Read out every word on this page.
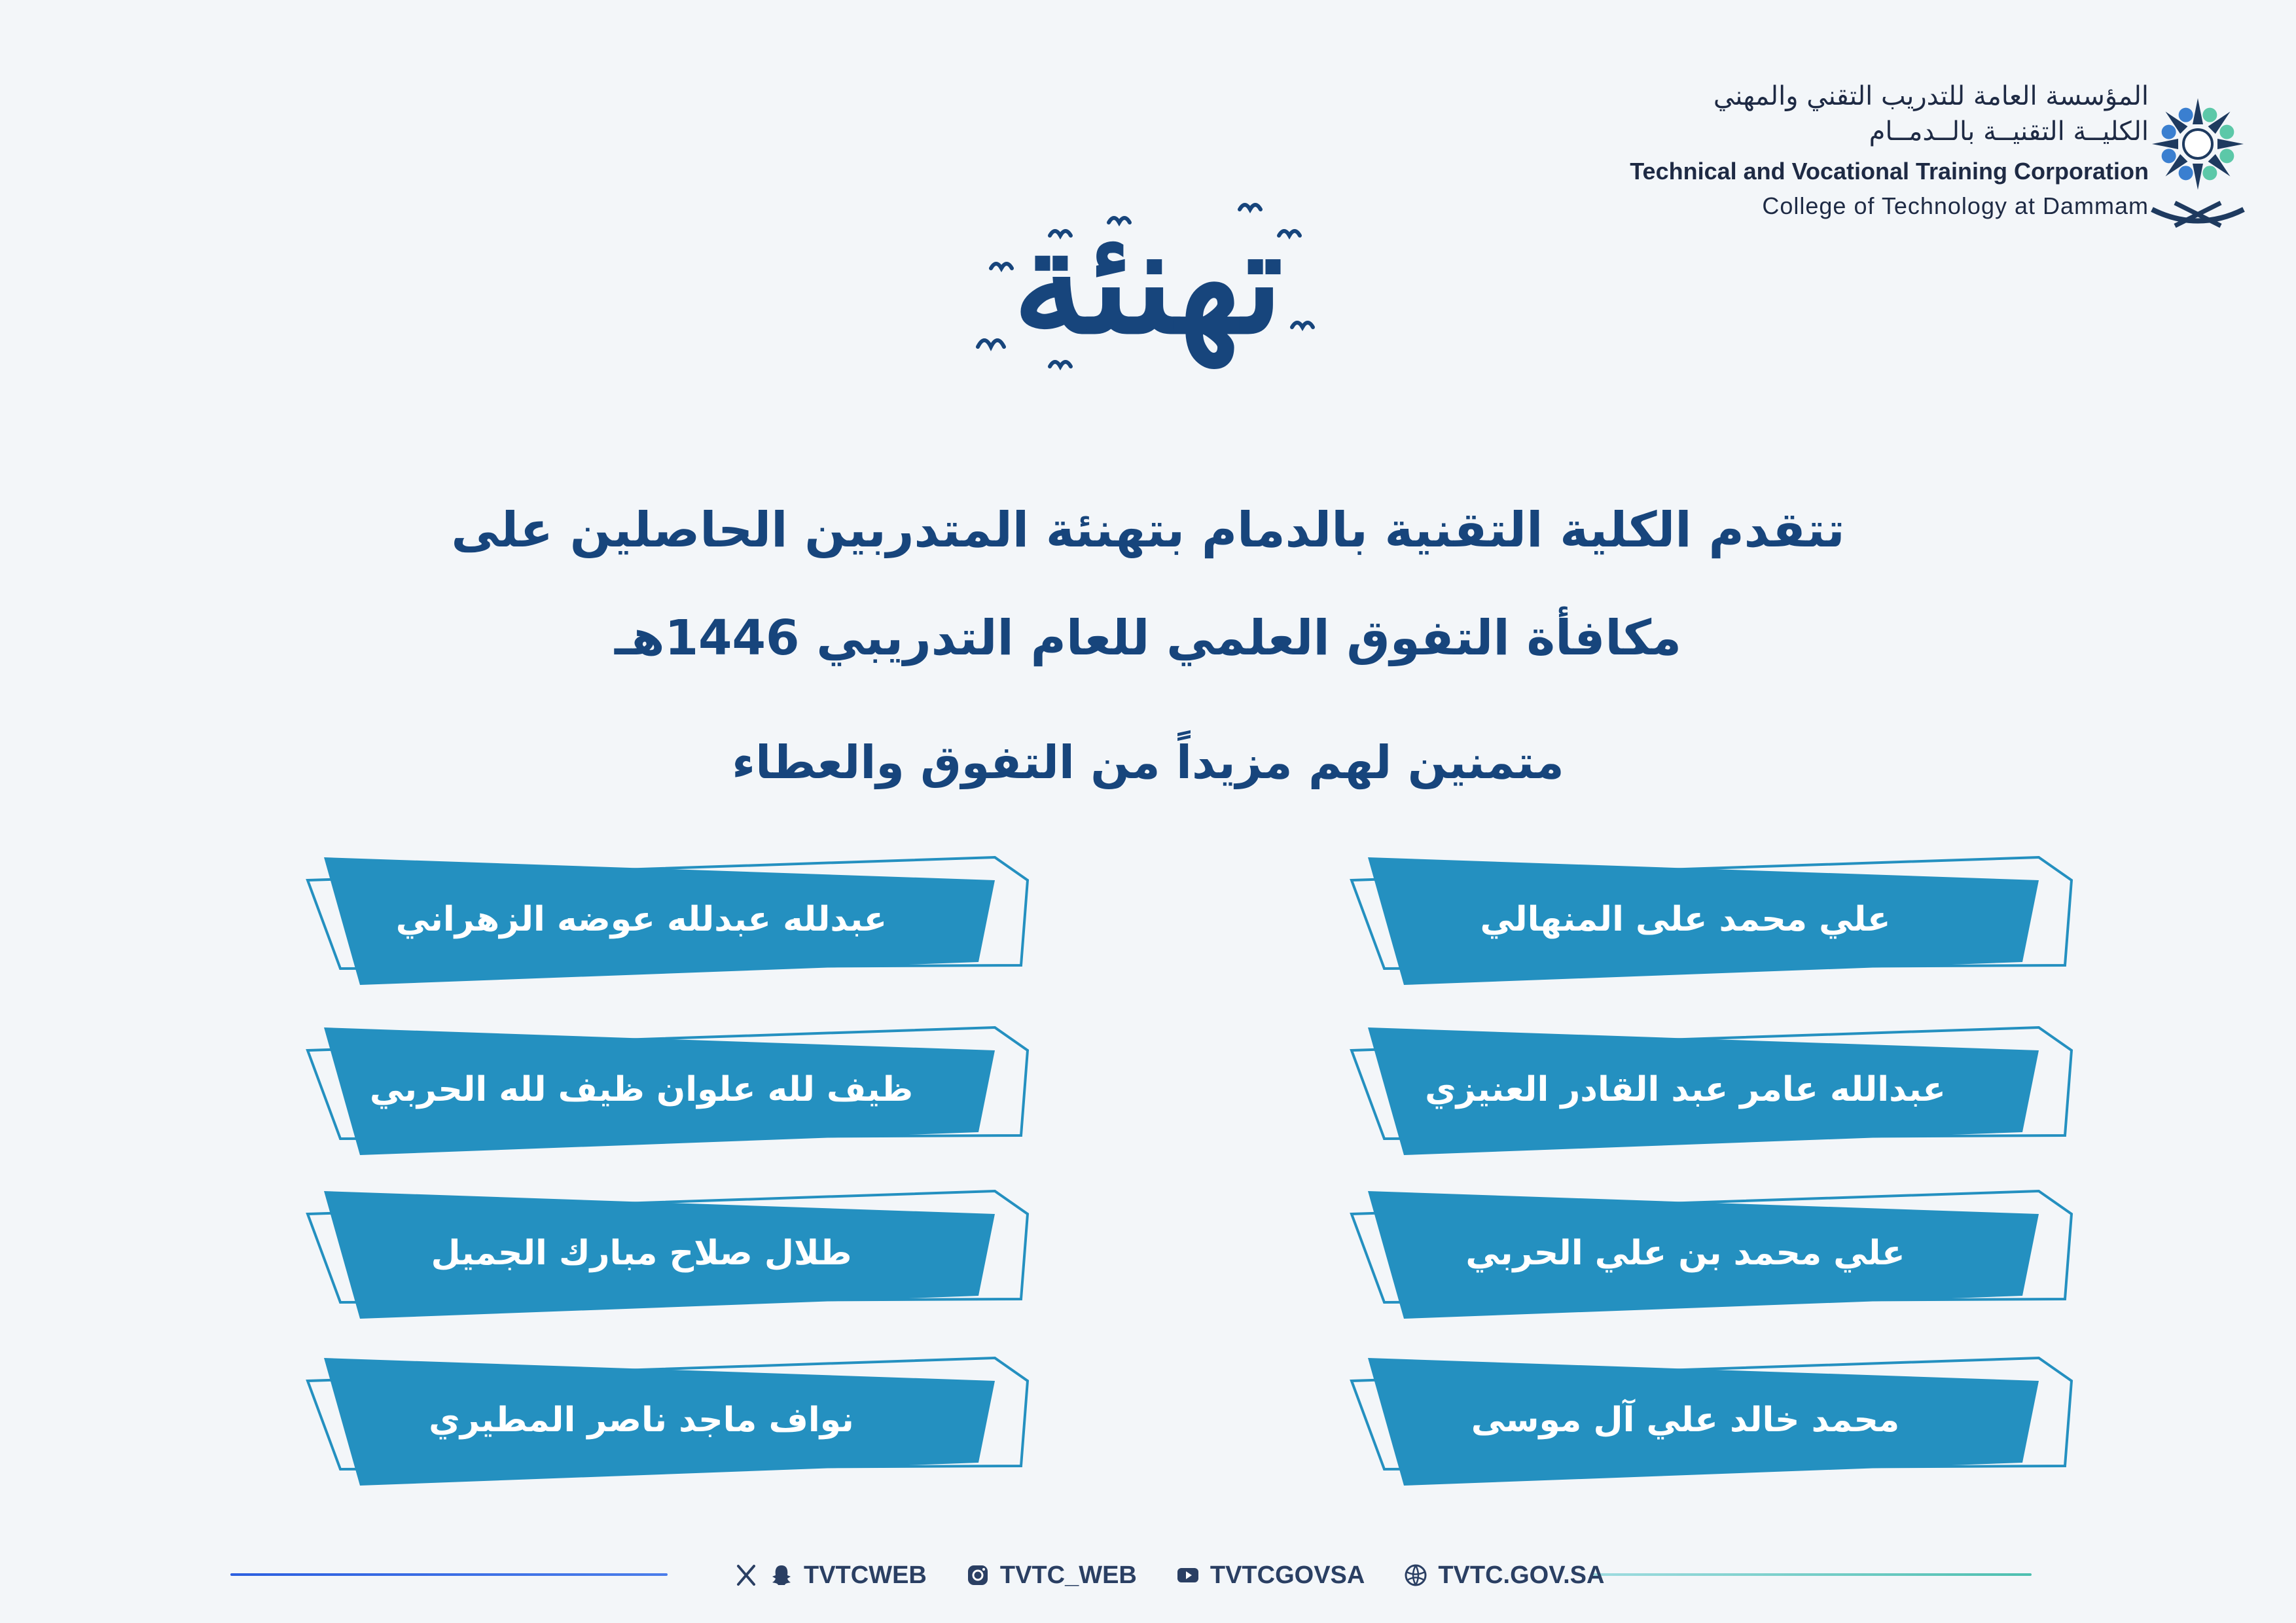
المؤسسة العامة للتدريب التقني والمهني
الكليــة التقنيــة بالــدمــام
Technical and Vocational Training Corporation
College of Technology at Dammam
تهنئة
تتقدم الكلية التقنية بالدمام بتهنئة المتدربين الحاصلين على
مكافأة التفوق العلمي للعام التدريبي 1446هـ
متمنين لهم مزيداً من التفوق والعطاء
علي محمد على المنهالي
عبدالله عامر عبد القادر العنيزي
علي محمد بن علي الحربي
محمد خالد علي آل موسى
عبدلله عبدلله عوضه الزهراني
ظيف لله علوان ظيف لله الحربي
طلال صلاح مبارك الجميل
نواف ماجد ناصر المطيري
TVTCWEB	TVTC_WEB	TVTCGOVSA	TVTC.GOV.SA
